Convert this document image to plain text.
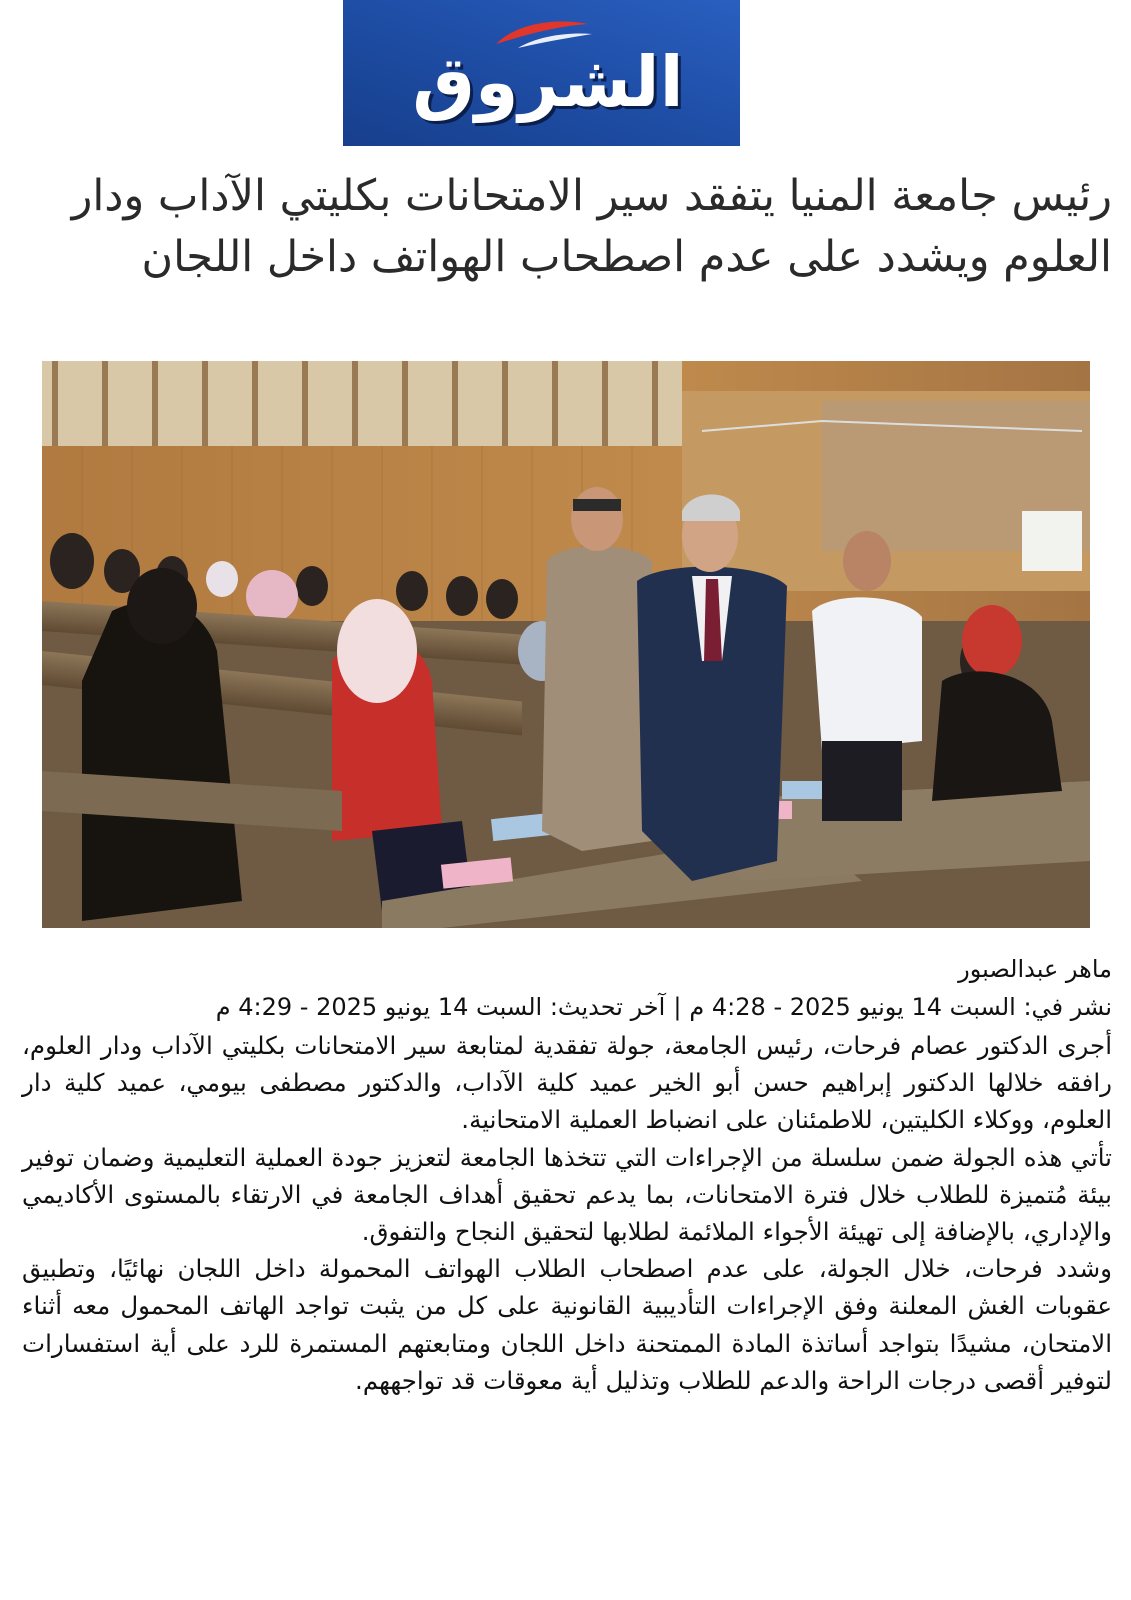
الشروق
رئيس جامعة المنيا يتفقد سير الامتحانات بكليتي الآداب ودار العلوم ويشدد على عدم اصطحاب الهواتف داخل اللجان
ماهر عبدالصبور
نشر في: السبت 14 يونيو 2025 - 4:28 م|آخر تحديث: السبت 14 يونيو 2025 - 4:29 م

أجرى الدكتور عصام فرحات، رئيس الجامعة، جولة تفقدية لمتابعة سير الامتحانات بكليتي الآداب ودار العلوم، رافقه خلالها الدكتور إبراهيم حسن أبو الخير عميد كلية الآداب، والدكتور مصطفى بيومي، عميد كلية دار العلوم، ووكلاء الكليتين، للاطمئنان على انضباط العملية الامتحانية.

تأتي هذه الجولة ضمن سلسلة من الإجراءات التي تتخذها الجامعة لتعزيز جودة العملية التعليمية وضمان توفير بيئة مُتميزة للطلاب خلال فترة الامتحانات، بما يدعم تحقيق أهداف الجامعة في الارتقاء بالمستوى الأكاديمي والإداري، بالإضافة إلى تهيئة الأجواء الملائمة لطلابها لتحقيق النجاح والتفوق.

وشدد فرحات، خلال الجولة، على عدم اصطحاب الطلاب الهواتف المحمولة داخل اللجان نهائيًا، وتطبيق عقوبات الغش المعلنة وفق الإجراءات التأديبية القانونية على كل من يثبت تواجد الهاتف المحمول معه أثناء الامتحان، مشيدًا بتواجد أساتذة المادة الممتحنة داخل اللجان ومتابعتهم المستمرة للرد على أية استفسارات لتوفير أقصى درجات الراحة والدعم للطلاب وتذليل أية معوقات قد تواجههم.
